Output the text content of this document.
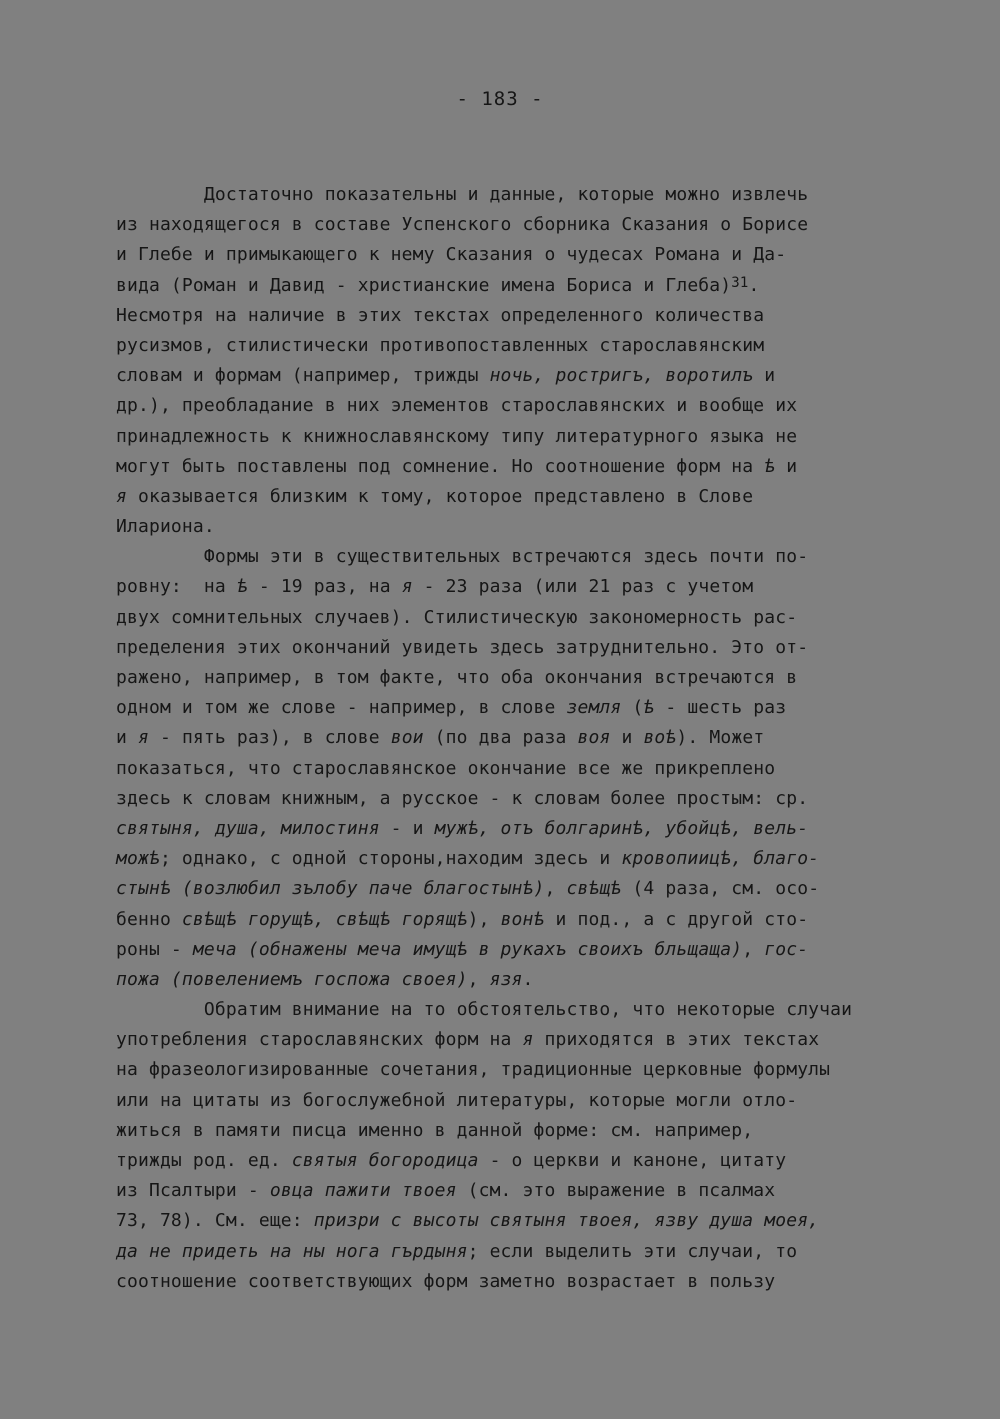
- 183 -
Достаточно показательны и данные, которые можно извлечь
из находящегося в составе Успенского сборника Сказания о Борисе
и Глебе и примыкающего к нему Сказания о чудесах Романа и Да-
вида (Роман и Давид - христианские имена Бориса и Глеба)$^{31}$.
Несмотря на наличие в этих текстах определенного количества
русизмов, стилистически противопоставленных старославянским
словам и формам (например, трижды ночь, ростригъ, воротилъ и
др.), преобладание в них элементов старославянских и вообще их
принадлежность к книжнославянскому типу литературного языка не
могут быть поставлены под сомнение. Но соотношение форм на ѣ и
я оказывается близким к тому, которое представлено в Слове
Илариона.
Формы эти в существительных встречаются здесь почти по-
ровну:  на ѣ - 19 раз, на я - 23 раза (или 21 раз с учетом
двух сомнительных случаев). Стилистическую закономерность рас-
пределения этих окончаний увидеть здесь затруднительно. Это от-
ражено, например, в том факте, что оба окончания встречаются в
одном и том же слове - например, в слове земля (ѣ - шесть раз
и я - пять раз), в слове вои (по два раза воя и воѣ). Может
показаться, что старославянское окончание все же прикреплено
здесь к словам книжным, а русское - к словам более простым: ср.
святыня, душа, милостиня - и мужѣ, отъ болгаринѣ, убойцѣ, вель-
можѣ; однако, с одной стороны,находим здесь и кровопиицѣ, благо-
стынѣ (возлюбил зълобу паче благостынѣ), свѣщѣ (4 раза, см. осо-
бенно свѣщѣ горущѣ, свѣщѣ горящѣ), вонѣ и под., а с другой сто-
роны - меча (обнажены меча имущѣ в рукахъ своихъ бльщаща), гос-
пожа (повелениемъ госпожа своея), язя.
Обратим внимание на то обстоятельство, что некоторые случаи
употребления старославянских форм на я приходятся в этих текстах
на фразеологизированные сочетания, традиционные церковные формулы
или на цитаты из богослужебной литературы, которые могли отло-
житься в памяти писца именно в данной форме: см. например,
трижды род. ед. святыя богородица - о церкви и каноне, цитату
из Псалтыри - овца пажити твоея (см. это выражение в псалмах
73, 78). См. еще: призри с высоты святыня твоея, язву душа моея,
да не придеть на ны нога гърдыня; если выделить эти случаи, то
соотношение соответствующих форм заметно возрастает в пользу
